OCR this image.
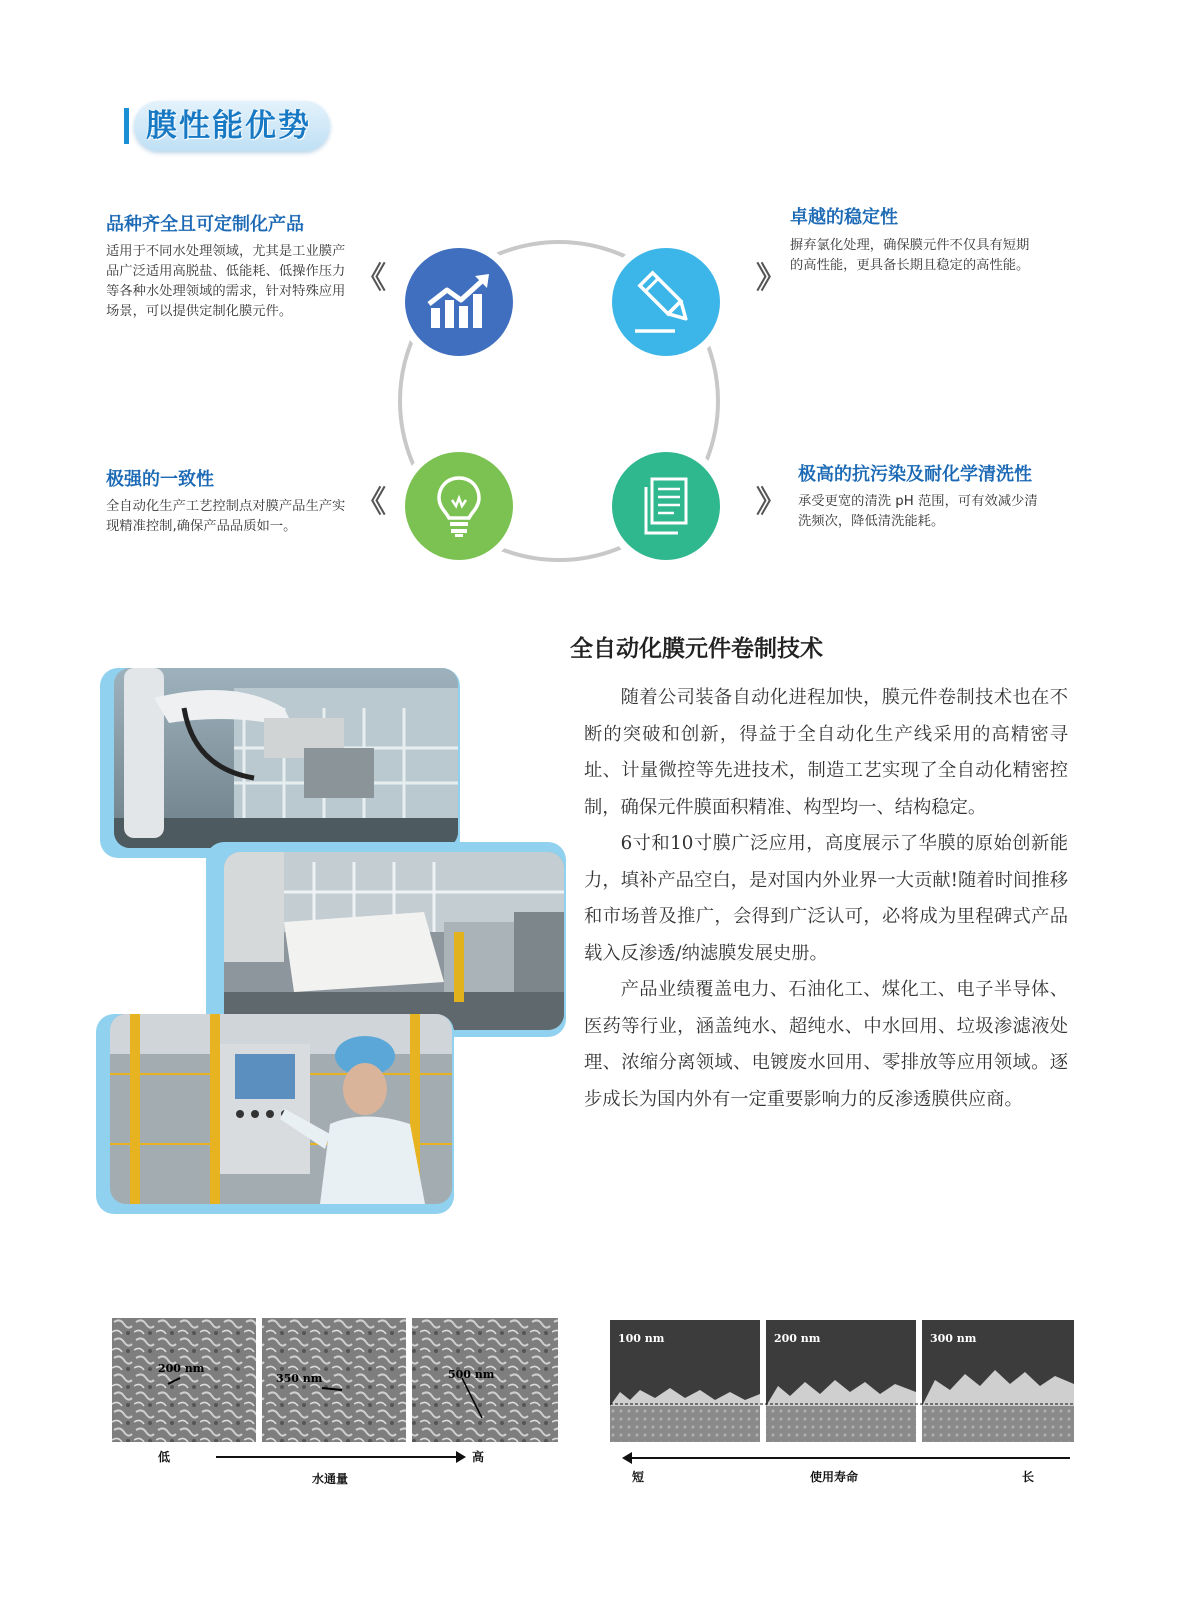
膜性能优势
品种齐全且可定制化产品
适用于不同水处理领域，尤其是工业膜产品广泛适用高脱盐、低能耗、低操作压力等各种水处理领域的需求，针对特殊应用场景，可以提供定制化膜元件。
卓越的稳定性
摒弃氯化处理，确保膜元件不仅具有短期的高性能，更具备长期且稳定的高性能。
极强的一致性
全自动化生产工艺控制点对膜产品生产实现精准控制,确保产品品质如一。
极高的抗污染及耐化学清洗性
承受更宽的清洗 pH 范围，可有效减少清洗频次，降低清洗能耗。
《	》
《	》
全自动化膜元件卷制技术

随着公司装备自动化进程加快，膜元件卷制技术也在不断的突破和创新，得益于全自动化生产线采用的高精密寻址、计量微控等先进技术，制造工艺实现了全自动化精密控制，确保元件膜面积精准、构型均一、结构稳定。

6寸和10寸膜广泛应用，高度展示了华膜的原始创新能力，填补产品空白，是对国内外业界一大贡献!随着时间推移和市场普及推广，会得到广泛认可，必将成为里程碑式产品载入反渗透/纳滤膜发展史册。

产品业绩覆盖电力、石油化工、煤化工、电子半导体、医药等行业，涵盖纯水、超纯水、中水回用、垃圾渗滤液处理、浓缩分离领域、电镀废水回用、零排放等应用领域。逐步成长为国内外有一定重要影响力的反渗透膜供应商。

200 nm
350 nm	500 nm
低	高
水通量
100 nm	200 nm	300 nm
短	使用寿命	长
